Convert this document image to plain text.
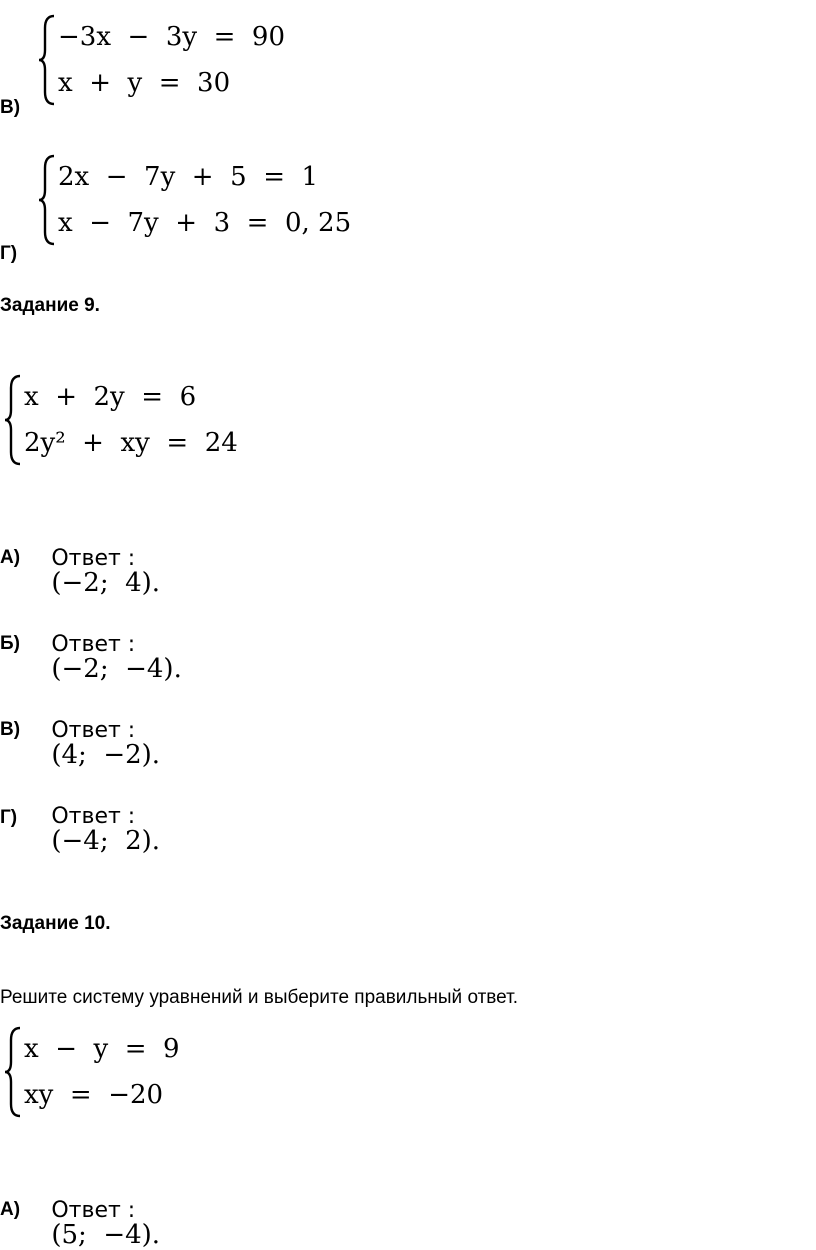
−3x  −  3y  =  90
x  +  y  =  30
В)
2x  −  7y  +  5  =  1
x  −  7y  +  3  =  0, 25
Г)
Задание 9.
x  +  2y  =  6
2y²  +  xy  =  24

Ответ :
(−2;  4).

А)

Ответ :
(−2;  −4).

Б)

Ответ :
(4;  −2).

В)

Ответ :
(−4;  2).

Г)
Задание 10.
Решите систему уравнений и выберите правильный ответ.
x  −  y  =  9
xy  =  −20

Ответ :
(5;  −4).

А)
